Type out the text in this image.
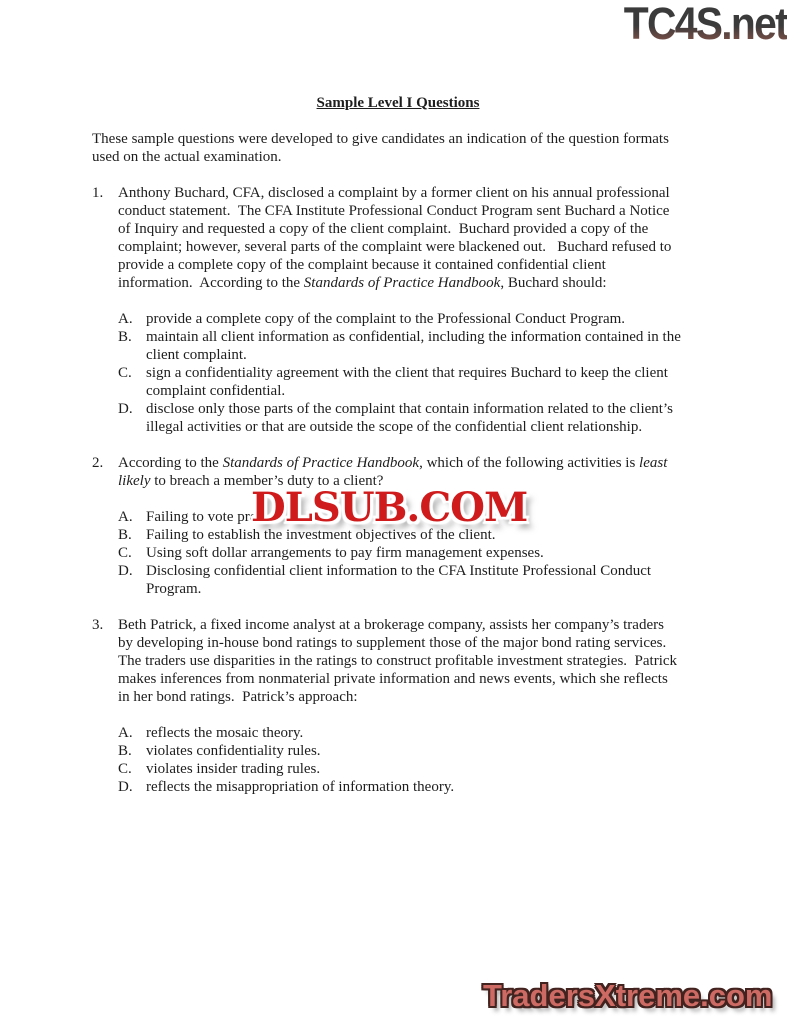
TC4S.net
Sample Level I Questions
These sample questions were developed to give candidates an indication of the question formats
used on the actual examination.
1. Anthony Buchard, CFA, disclosed a complaint by a former client on his annual professional
conduct statement.  The CFA Institute Professional Conduct Program sent Buchard a Notice
of Inquiry and requested a copy of the client complaint.  Buchard provided a copy of the
complaint; however, several parts of the complaint were blackened out.   Buchard refused to
provide a complete copy of the complaint because it contained confidential client
information.  According to the Standards of Practice Handbook, Buchard should:
A. provide a complete copy of the complaint to the Professional Conduct Program.
B. maintain all client information as confidential, including the information contained in the
client complaint.
C. sign a confidentiality agreement with the client that requires Buchard to keep the client
complaint confidential.
D. disclose only those parts of the complaint that contain information related to the client’s
illegal activities or that are outside the scope of the confidential client relationship.
2. According to the Standards of Practice Handbook, which of the following activities is least
likely to breach a member’s duty to a client?
A. Failing to vote prox
B. Failing to establish the investment objectives of the client.
C. Using soft dollar arrangements to pay firm management expenses.
D. Disclosing confidential client information to the CFA Institute Professional Conduct
Program.
3. Beth Patrick, a fixed income analyst at a brokerage company, assists her company’s traders
by developing in-house bond ratings to supplement those of the major bond rating services.
The traders use disparities in the ratings to construct profitable investment strategies.  Patrick
makes inferences from nonmaterial private information and news events, which she reflects
in her bond ratings.  Patrick’s approach:
A. reflects the mosaic theory.
B. violates confidentiality rules.
C. violates insider trading rules.
D. reflects the misappropriation of information theory.
DLSUB.COM
TradersXtreme.com
